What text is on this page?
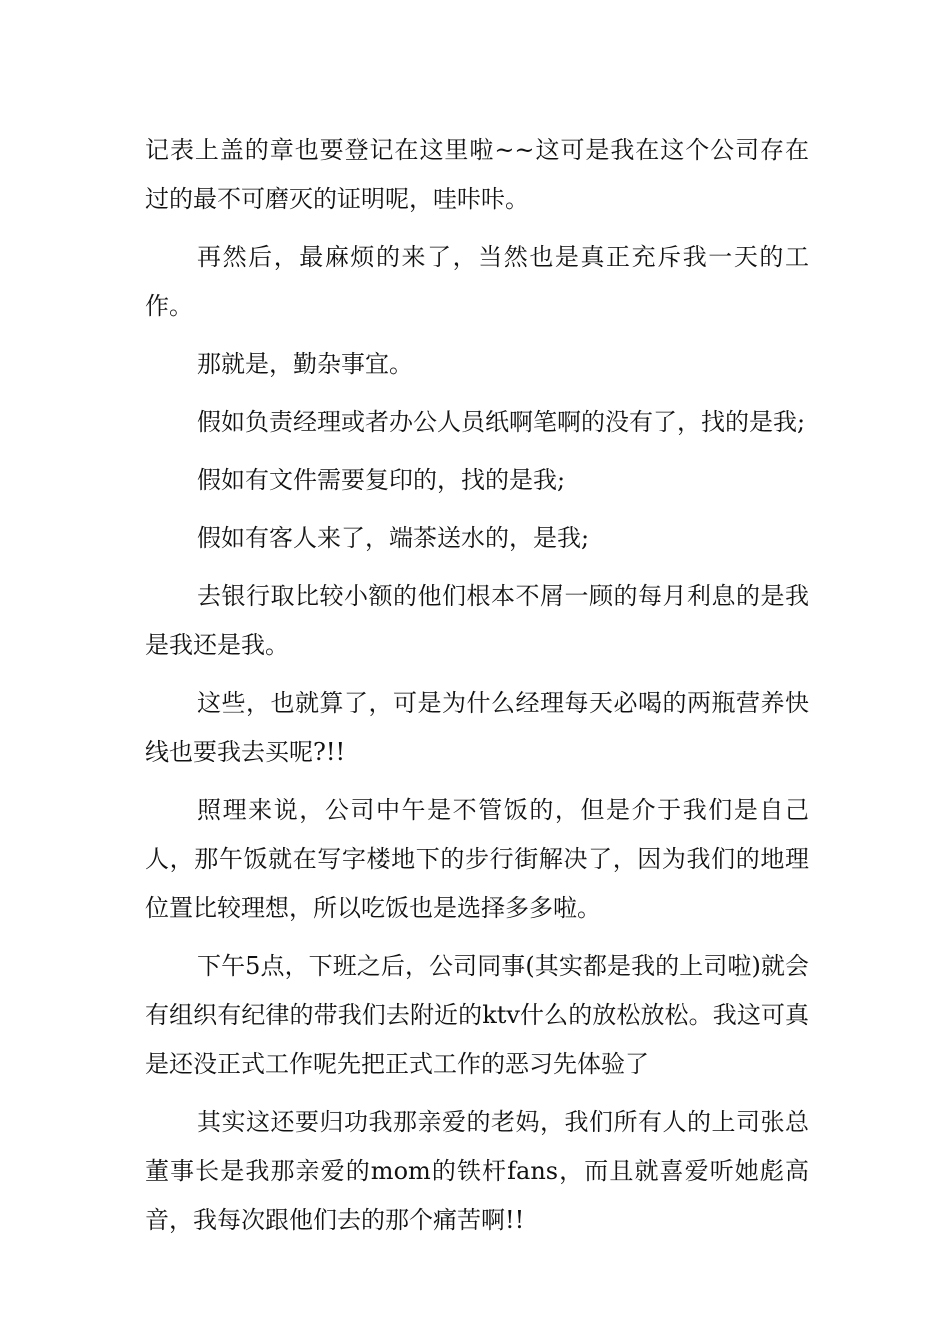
记表上盖的章也要登记在这里啦~~这可是我在这个公司存在过的最不可磨灭的证明呢，哇咔咔。

再然后，最麻烦的来了，当然也是真正充斥我一天的工作。

那就是，勤杂事宜。

假如负责经理或者办公人员纸啊笔啊的没有了，找的是我;

假如有文件需要复印的，找的是我;

假如有客人来了，端茶送水的，是我;

去银行取比较小额的他们根本不屑一顾的每月利息的是我是我还是我。

这些，也就算了，可是为什么经理每天必喝的两瓶营养快线也要我去买呢?!!

照理来说，公司中午是不管饭的，但是介于我们是自己人，那午饭就在写字楼地下的步行街解决了，因为我们的地理位置比较理想，所以吃饭也是选择多多啦。

下午5点，下班之后，公司同事(其实都是我的上司啦)就会有组织有纪律的带我们去附近的ktv什么的放松放松。我这可真是还没正式工作呢先把正式工作的恶习先体验了

其实这还要归功我那亲爱的老妈，我们所有人的上司张总董事长是我那亲爱的mom的铁杆fans，而且就喜爱听她彪高音，我每次跟他们去的那个痛苦啊!!
